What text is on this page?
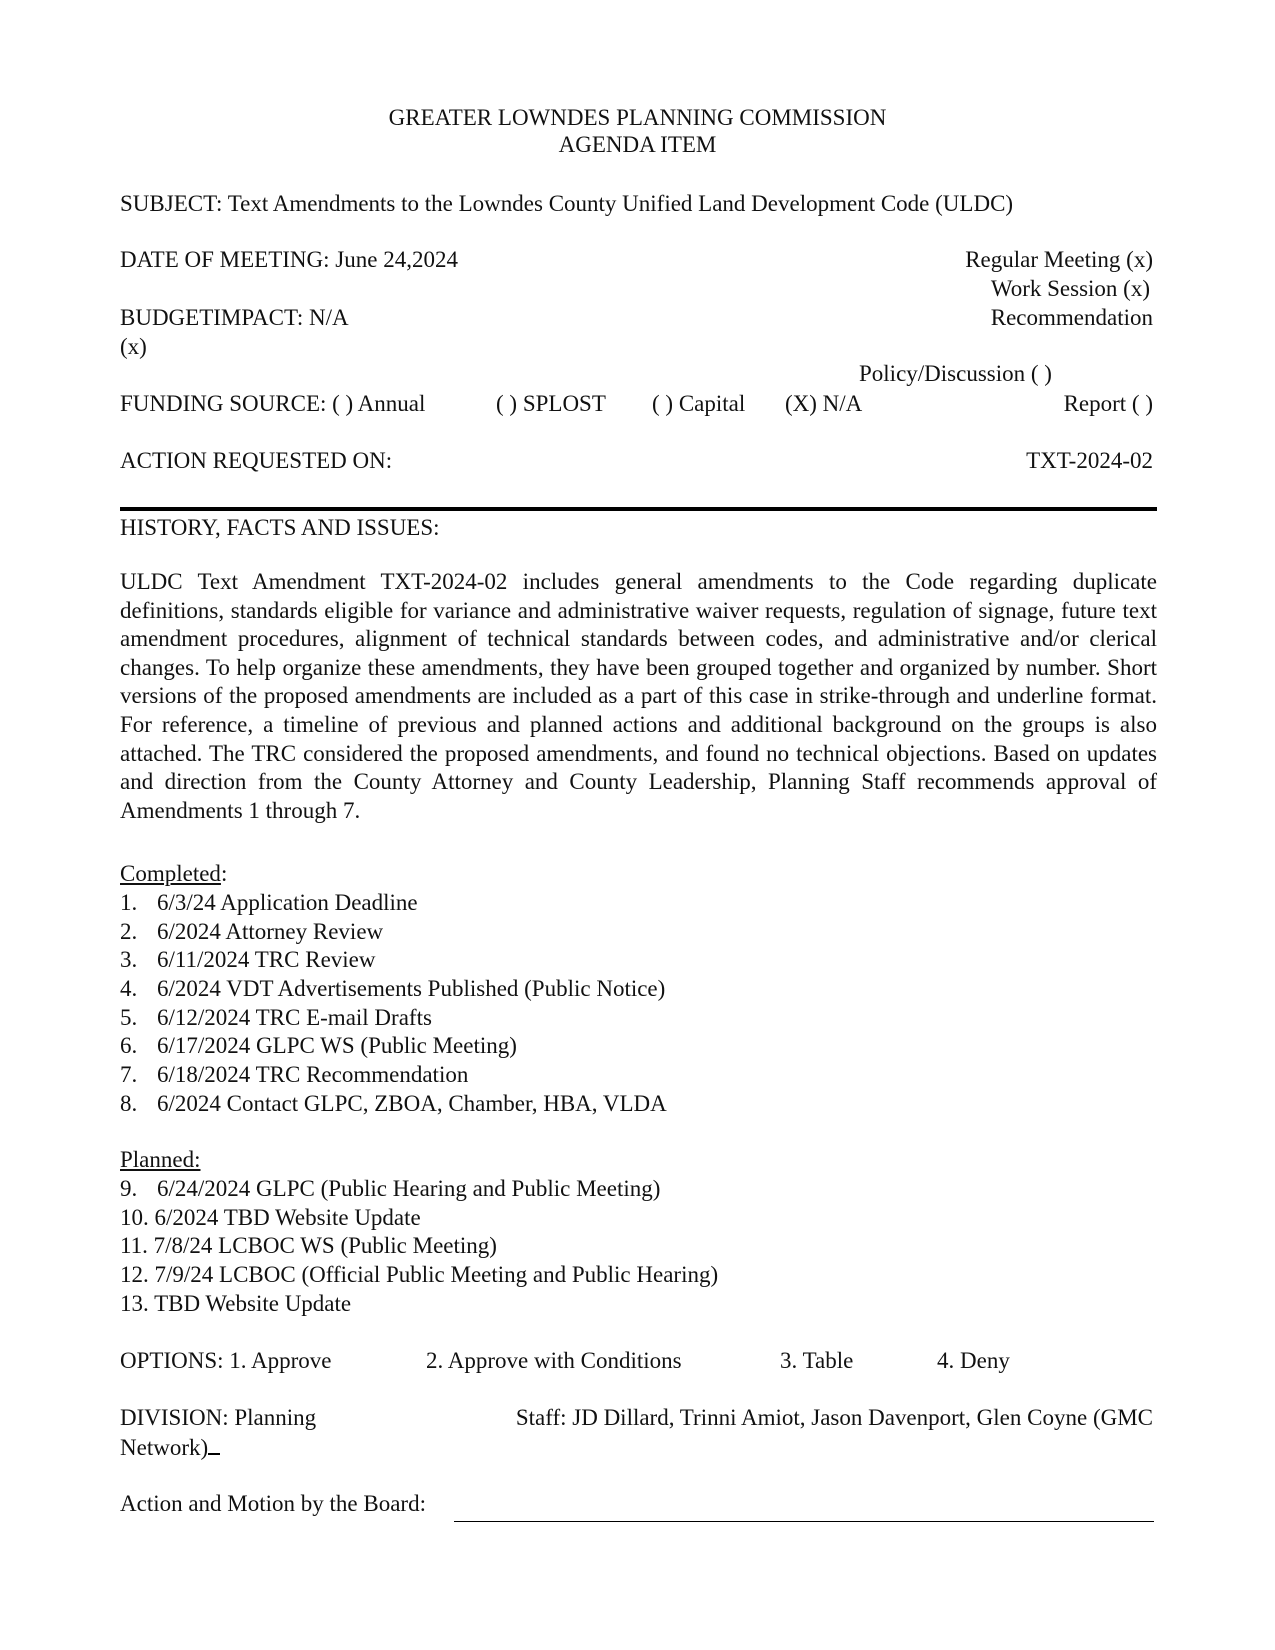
GREATER LOWNDES PLANNING COMMISSION
AGENDA ITEM
SUBJECT: Text Amendments to the Lowndes County Unified Land Development Code (ULDC)
DATE OF MEETING: June 24,2024	Regular Meeting (x)
Work Session (x)
BUDGETIMPACT: N/A	Recommendation
(x)
Policy/Discussion ( )
FUNDING SOURCE: ( ) Annual	( ) SPLOST ( ) Capital (X) N/A	Report ( )
ACTION REQUESTED ON:	TXT-2024-02
HISTORY, FACTS AND ISSUES:
ULDC Text Amendment TXT-2024-02 includes general amendments to the Code regarding duplicate definitions, standards eligible for variance and administrative waiver requests, regulation of signage, future text amendment procedures, alignment of technical standards between codes, and administrative and/or clerical changes. To help organize these amendments, they have been grouped together and organized by number. Short versions of the proposed amendments are included as a part of this case in strike-through and underline format. For reference, a timeline of previous and planned actions and additional background on the groups is also attached. The TRC considered the proposed amendments, and found no technical objections. Based on updates and direction from the County Attorney and County Leadership, Planning Staff recommends approval of Amendments 1 through 7.
Completed:
1. 6/3/24 Application Deadline
2. 6/2024 Attorney Review
3. 6/11/2024 TRC Review
4. 6/2024 VDT Advertisements Published (Public Notice)
5. 6/12/2024 TRC E-mail Drafts
6. 6/17/2024 GLPC WS (Public Meeting)
7. 6/18/2024 TRC Recommendation
8. 6/2024 Contact GLPC, ZBOA, Chamber, HBA, VLDA
Planned:
9. 6/24/2024 GLPC (Public Hearing and Public Meeting)
10. 6/2024 TBD Website Update
11. 7/8/24 LCBOC WS (Public Meeting)
12. 7/9/24 LCBOC (Official Public Meeting and Public Hearing)
13. TBD Website Update
OPTIONS: 1. Approve	2. Approve with Conditions	3. Table	4. Deny
DIVISION: Planning	Staff: JD Dillard, Trinni Amiot, Jason Davenport, Glen Coyne (GMC
Network)
Action and Motion by the Board:
